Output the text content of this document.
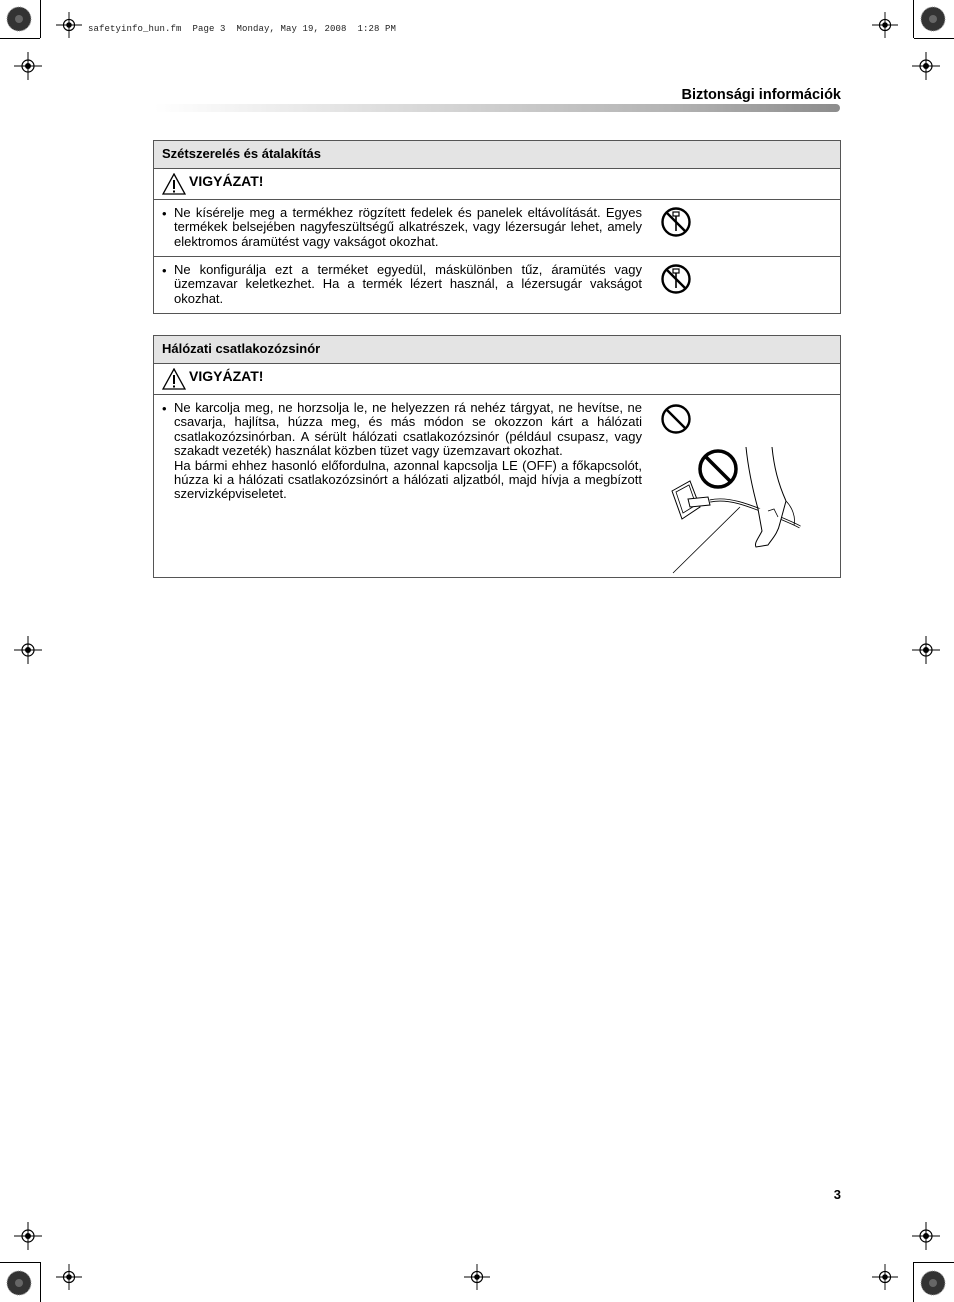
safetyinfo_hun.fm  Page 3  Monday, May 19, 2008  1:28 PM
Biztonsági információk
Szétszerelés és átalakítás
VIGYÁZAT!

• Ne kísérelje meg a termékhez rögzített fedelek és panelek eltávolítását. Egyes termékek belsejében nagyfeszültségű alkatrészek, vagy lézersugár lehet, amely elektromos áramütést vagy vakságot okozhat.

• Ne konfigurálja ezt a terméket egyedül, máskülönben tűz, áramütés vagy üzemzavar keletkezhet. Ha a termék lézert használ, a lézersugár vakságot okozhat.
Hálózati csatlakozózsinór
VIGYÁZAT!

• Ne karcolja meg, ne horzsolja le, ne helyezzen rá nehéz tárgyat, ne hevítse, ne csavarja, hajlítsa, húzza meg, és más módon se okozzon kárt a hálózati csatlakozózsinórban. A sérült hálózati csatlakozózsinór (például csupasz, vagy szakadt vezeték) használat közben tüzet vagy üzemzavart okozhat.
Ha bármi ehhez hasonló előfordulna, azonnal kapcsolja LE (OFF) a főkapcsolót, húzza ki a hálózati csatlakozózsinórt a hálózati aljzatból, majd hívja a megbízott szervizképviseletet.
3
